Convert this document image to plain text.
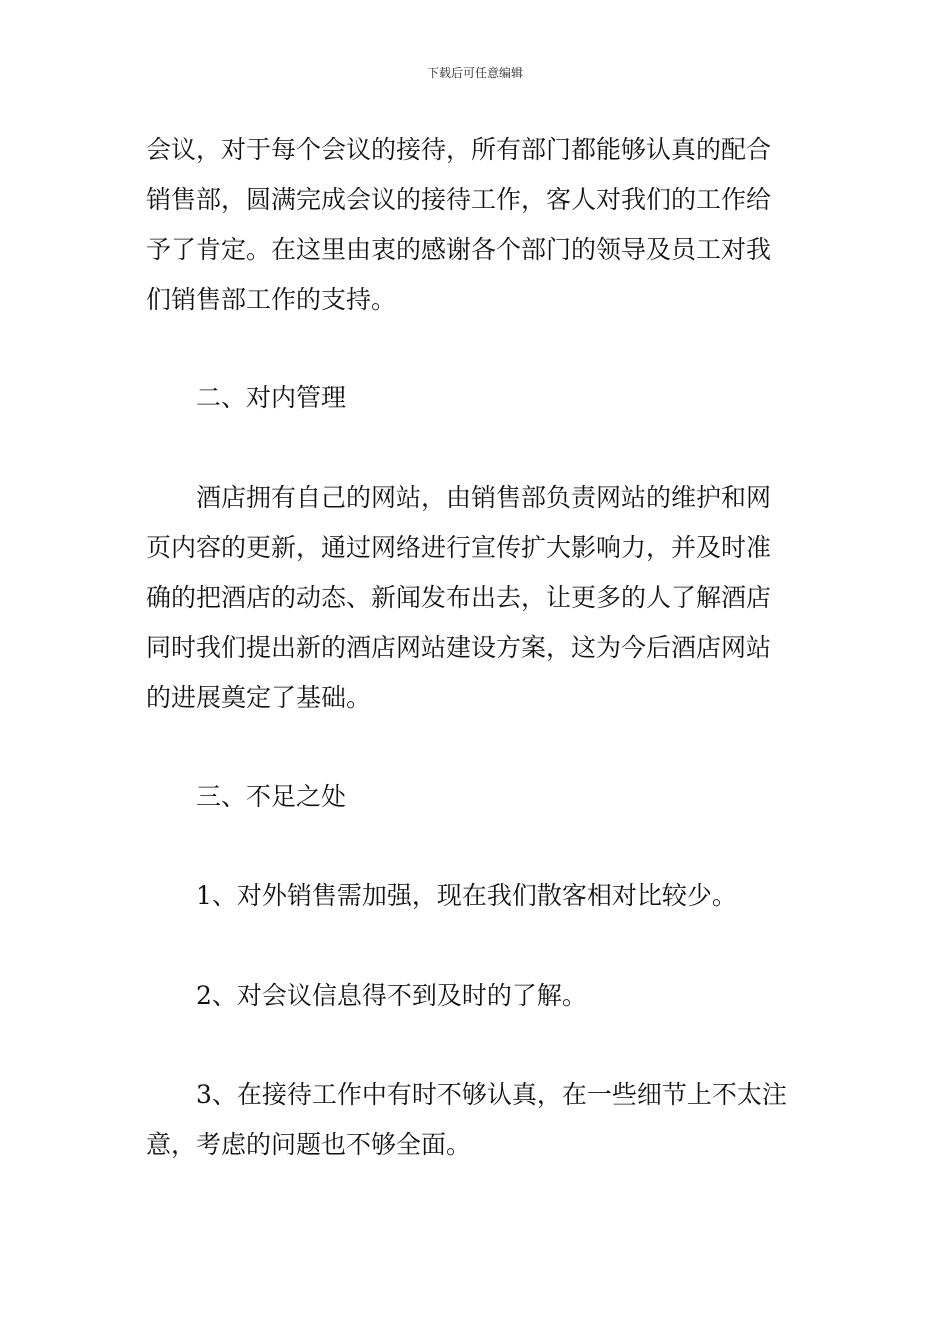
下载后可任意编辑
会议，对于每个会议的接待，所有部门都能够认真的配合
销售部，圆满完成会议的接待工作，客人对我们的工作给
予了肯定。在这里由衷的感谢各个部门的领导及员工对我
们销售部工作的支持。
二、对内管理
酒店拥有自己的网站，由销售部负责网站的维护和网
页内容的更新，通过网络进行宣传扩大影响力，并及时准
确的把酒店的动态、新闻发布出去，让更多的人了解酒店
同时我们提出新的酒店网站建设方案，这为今后酒店网站
的进展奠定了基础。
三、不足之处
1、对外销售需加强，现在我们散客相对比较少。
2、对会议信息得不到及时的了解。
3、在接待工作中有时不够认真，在一些细节上不太注
意，考虑的问题也不够全面。
